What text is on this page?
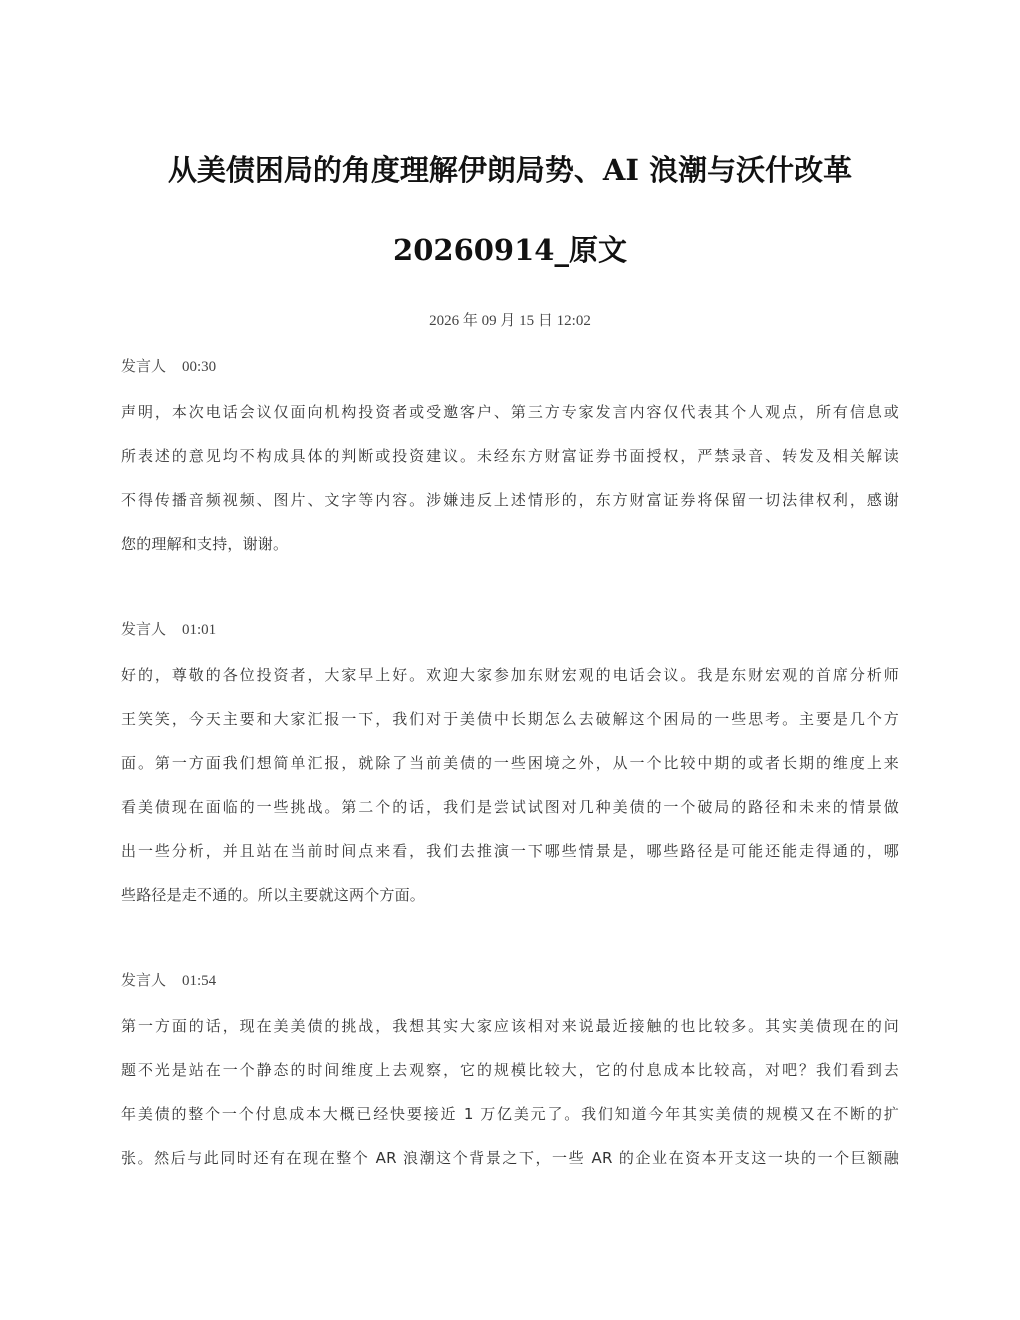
从美债困局的角度理解伊朗局势、AI 浪潮与沃什改革
20260914_原文
2026 年 09 月 15 日 12:02
发言人 00:30
声明，本次电话会议仅面向机构投资者或受邀客户、第三方专家发言内容仅代表其个人观点，所有信息或
所表述的意见均不构成具体的判断或投资建议。未经东方财富证券书面授权，严禁录音、转发及相关解读
不得传播音频视频、图片、文字等内容。涉嫌违反上述情形的，东方财富证券将保留一切法律权利，感谢
您的理解和支持，谢谢。
发言人 01:01
好的，尊敬的各位投资者，大家早上好。欢迎大家参加东财宏观的电话会议。我是东财宏观的首席分析师
王笑笑，今天主要和大家汇报一下，我们对于美债中长期怎么去破解这个困局的一些思考。主要是几个方
面。第一方面我们想简单汇报，就除了当前美债的一些困境之外，从一个比较中期的或者长期的维度上来
看美债现在面临的一些挑战。第二个的话，我们是尝试试图对几种美债的一个破局的路径和未来的情景做
出一些分析，并且站在当前时间点来看，我们去推演一下哪些情景是，哪些路径是可能还能走得通的，哪
些路径是走不通的。所以主要就这两个方面。
发言人 01:54
第一方面的话，现在美美债的挑战，我想其实大家应该相对来说最近接触的也比较多。其实美债现在的问
题不光是站在一个静态的时间维度上去观察，它的规模比较大，它的付息成本比较高，对吧？我们看到去
年美债的整个一个付息成本大概已经快要接近 1 万亿美元了。我们知道今年其实美债的规模又在不断的扩
张。然后与此同时还有在现在整个 AR 浪潮这个背景之下，一些 AR 的企业在资本开支这一块的一个巨额融
